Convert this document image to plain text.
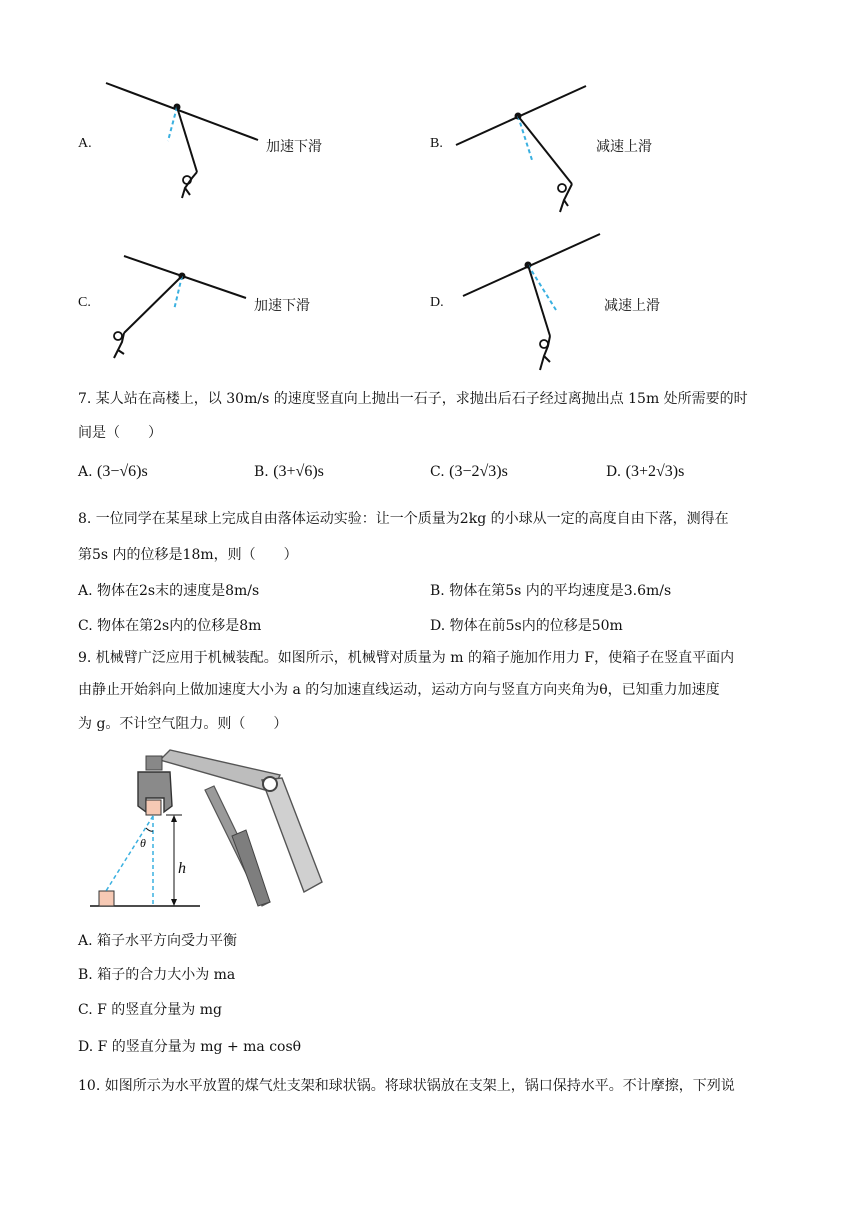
A.	加速下滑	B.	减速上滑
C.	加速下滑	D.	减速上滑
7. 某人站在高楼上，以 30m/s 的速度竖直向上抛出一石子，求抛出后石子经过离抛出点 15m 处所需要的时
间是（　　）
A. (3−√6)s	B. (3+√6)s	C. (3−2√3)s	D. (3+2√3)s
8. 一位同学在某星球上完成自由落体运动实验：让一个质量为2kg 的小球从一定的高度自由下落，测得在
第5s 内的位移是18m，则（　　）
A. 物体在2s末的速度是8m/s	B. 物体在第5s 内的平均速度是3.6m/s
C. 物体在第2s内的位移是8m	D. 物体在前5s内的位移是50m
9. 机械臂广泛应用于机械装配。如图所示，机械臂对质量为 m 的箱子施加作用力 F，使箱子在竖直平面内
由静止开始斜向上做加速度大小为 a 的匀加速直线运动，运动方向与竖直方向夹角为θ，已知重力加速度
为 g。不计空气阻力。则（　　）
θ
h
A. 箱子水平方向受力平衡
B. 箱子的合力大小为 ma
C. F 的竖直分量为 mg
D. F 的竖直分量为 mg + ma cosθ
10. 如图所示为水平放置的煤气灶支架和球状锅。将球状锅放在支架上，锅口保持水平。不计摩擦，下列说
